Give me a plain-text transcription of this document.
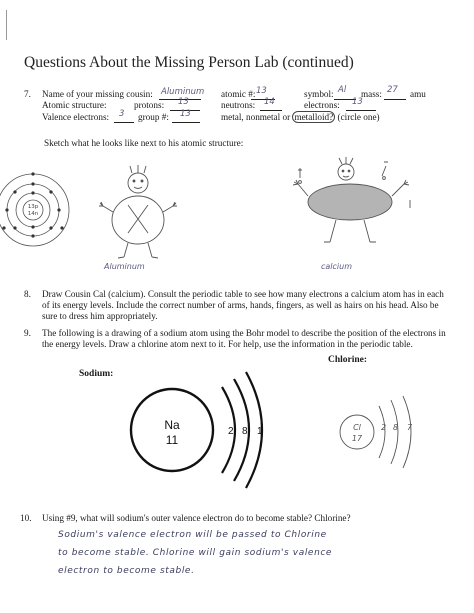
Questions About the Missing Person Lab (continued)
7. Name of your missing cousin: Aluminum atomic #: 13	symbol: Al mass: 27 amu
Atomic structure:	protons: 13	neutrons: 14	electrons: 13
Valence electrons: 3 group #: 13	metal, nonmetal or metalloid? (circle one)
Sketch what he looks like next to his atomic structure:
13p
14n
Aluminum	calcium
8. Draw Cousin Cal (calcium). Consult the periodic table to see how many electrons a calcium atom has in each of its energy levels. Include the correct number of arms, hands, fingers, as well as hairs on his head. Also be sure to dress him appropriately.
9. The following is a drawing of a sodium atom using the Bohr model to describe the position of the electrons in the energy levels. Draw a chlorine atom next to it. For help, use the information in the periodic table.
Sodium:
Chlorine:
Na
11
2 8 1	Cl
17
2 8 7
10. Using #9, what will sodium's outer valence electron do to become stable? Chlorine?
Sodium's valence electron will be passed to Chlorine
to become stable. Chlorine will gain sodium's valence
electron to become stable.
